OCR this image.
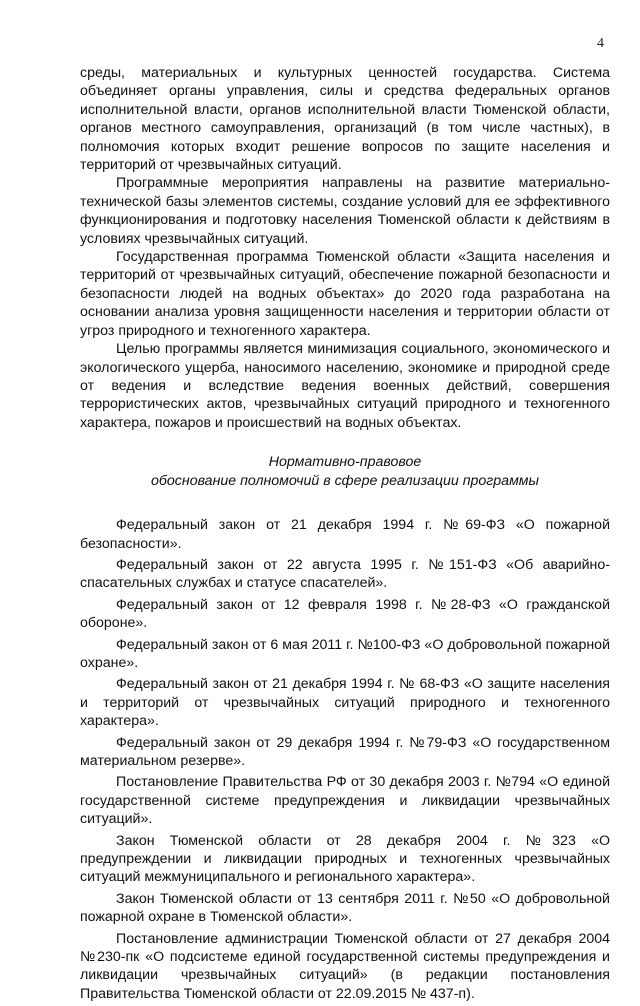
4

среды, материальных и культурных ценностей государства. Система объединяет органы управления, силы и средства федеральных органов исполнительной власти, органов исполнительной власти Тюменской области, органов местного самоуправления, организаций (в том числе частных), в полномочия которых входит решение вопросов по защите населения и территорий от чрезвычайных ситуаций.

Программные мероприятия направлены на развитие материально-технической базы элементов системы, создание условий для ее эффективного функционирования и подготовку населения Тюменской области к действиям в условиях чрезвычайных ситуаций.

Государственная программа Тюменской области «Защита населения и территорий от чрезвычайных ситуаций, обеспечение пожарной безопасности и безопасности людей на водных объектах» до 2020 года разработана на основании анализа уровня защищенности населения и территории области от угроз природного и техногенного характера.

Целью программы является минимизация социального, экономического и экологического ущерба, наносимого населению, экономике и природной среде от ведения и вследствие ведения военных действий, совершения террористических актов, чрезвычайных ситуаций природного и техногенного характера, пожаров и происшествий на водных объектах.

Нормативно-правовое
обоснование полномочий в сфере реализации программы

Федеральный закон от 21 декабря 1994 г. №69-ФЗ «О пожарной безопасности».

Федеральный закон от 22 августа 1995 г. №151-ФЗ «Об аварийно-спасательных службах и статусе спасателей».

Федеральный закон от 12 февраля 1998 г. №28-ФЗ «О гражданской обороне».

Федеральный закон от 6 мая 2011 г. №100-ФЗ «О добровольной пожарной охране».

Федеральный закон от 21 декабря 1994 г. № 68-ФЗ «О защите населения и территорий от чрезвычайных ситуаций природного и техногенного характера».

Федеральный закон от 29 декабря 1994 г. №79-ФЗ «О государственном материальном резерве».

Постановление Правительства РФ от 30 декабря 2003 г. №794 «О единой государственной системе предупреждения и ликвидации чрезвычайных ситуаций».

Закон Тюменской области от 28 декабря 2004 г. №323 «О предупреждении и ликвидации природных и техногенных чрезвычайных ситуаций межмуниципального и регионального характера».

Закон Тюменской области от 13 сентября 2011 г. №50 «О добровольной пожарной охране в Тюменской области».

Постановление администрации Тюменской области от 27 декабря 2004 №230-пк «О подсистеме единой государственной системы предупреждения и ликвидации чрезвычайных ситуаций» (в редакции постановления Правительства Тюменской области от 22.09.2015 № 437-п).
